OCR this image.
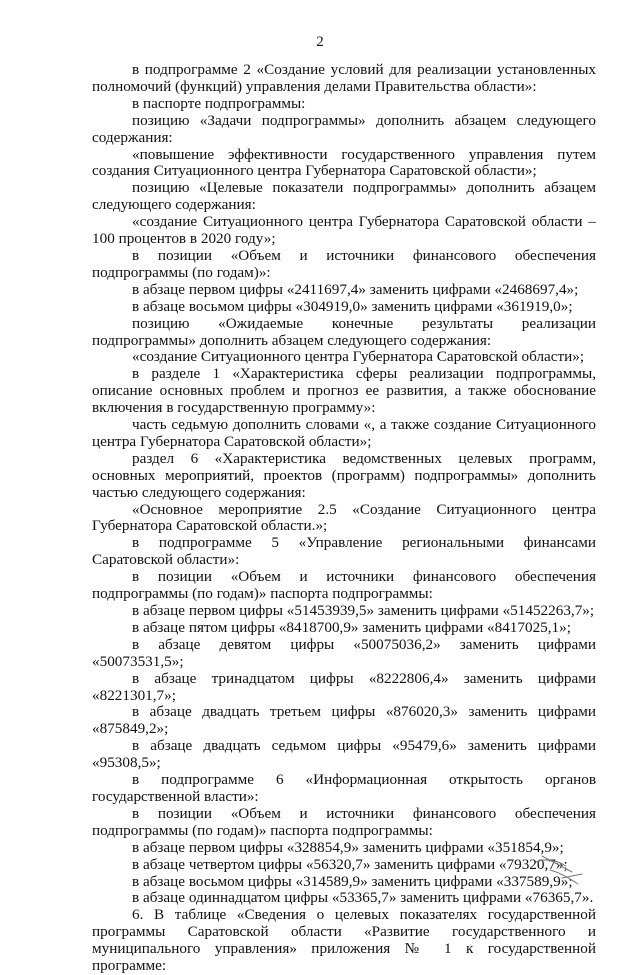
2

в подпрограмме 2 «Создание условий для реализации установленных полномочий (функций) управления делами Правительства области»:

в паспорте подпрограммы:

позицию «Задачи подпрограммы» дополнить абзацем следующего содержания:

«повышение эффективности государственного управления путем создания Ситуационного центра Губернатора Саратовской области»;

позицию «Целевые показатели подпрограммы» дополнить абзацем следующего содержания:

«создание Ситуационного центра Губернатора Саратовской области – 100 процентов в 2020 году»;

в позиции «Объем и источники финансового обеспечения подпрограммы (по годам)»:

в абзаце первом цифры «2411697,4» заменить цифрами «2468697,4»;

в абзаце восьмом цифры «304919,0» заменить цифрами «361919,0»;

позицию «Ожидаемые конечные результаты реализации подпрограммы» дополнить абзацем следующего содержания:

«создание Ситуационного центра Губернатора Саратовской области»;

в разделе 1 «Характеристика сферы реализации подпрограммы, описание основных проблем и прогноз ее развития, а также обоснование включения в государственную программу»:

часть седьмую дополнить словами «, а также создание Ситуационного центра Губернатора Саратовской области»;

раздел 6 «Характеристика ведомственных целевых программ, основных мероприятий, проектов (программ) подпрограммы» дополнить частью следующего содержания:

«Основное мероприятие 2.5 «Создание Ситуационного центра Губернатора Саратовской области.»;

в подпрограмме 5 «Управление региональными финансами Саратовской области»:

в позиции «Объем и источники финансового обеспечения подпрограммы (по годам)» паспорта подпрограммы:

в абзаце первом цифры «51453939,5» заменить цифрами «51452263,7»;

в абзаце пятом цифры «8418700,9» заменить цифрами «8417025,1»;

в абзаце девятом цифры «50075036,2» заменить цифрами «50073531,5»;

в абзаце тринадцатом цифры «8222806,4» заменить цифрами «8221301,7»;

в абзаце двадцать третьем цифры «876020,3» заменить цифрами «875849,2»;

в абзаце двадцать седьмом цифры «95479,6» заменить цифрами «95308,5»;

в подпрограмме 6 «Информационная открытость органов государственной власти»:

в позиции «Объем и источники финансового обеспечения подпрограммы (по годам)» паспорта подпрограммы:

в абзаце первом цифры «328854,9» заменить цифрами «351854,9»;

в абзаце четвертом цифры «56320,7» заменить цифрами «79320,7»;

в абзаце восьмом цифры «314589,9» заменить цифрами «337589,9»;

в абзаце одиннадцатом цифры «53365,7» заменить цифрами «76365,7».

6. В таблице «Сведения о целевых показателях государственной программы Саратовской области «Развитие государственного и муниципального управления» приложения № 1 к государственной программе:
